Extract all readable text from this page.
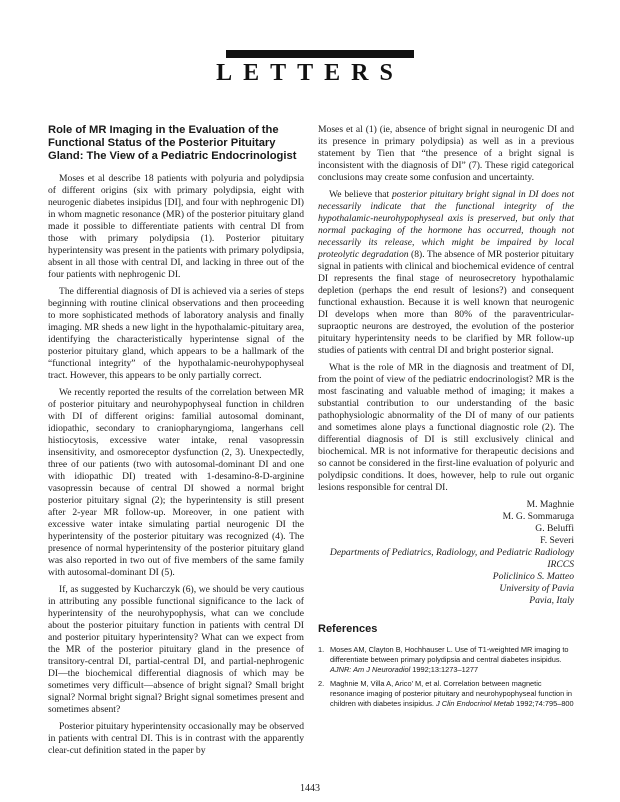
LETTERS
Role of MR Imaging in the Evaluation of the Functional Status of the Posterior Pituitary Gland: The View of a Pediatric Endocrinologist

Moses et al describe 18 patients with polyuria and polydipsia of different origins (six with primary polydipsia, eight with neurogenic diabetes insipidus [DI], and four with nephrogenic DI) in whom magnetic resonance (MR) of the posterior pituitary gland made it possible to differentiate patients with central DI from those with primary polydipsia (1). Posterior pituitary hyperintensity was present in the patients with primary polydipsia, absent in all those with central DI, and lacking in three out of the four patients with nephrogenic DI.

The differential diagnosis of DI is achieved via a series of steps beginning with routine clinical observations and then proceeding to more sophisticated methods of laboratory analysis and finally imaging. MR sheds a new light in the hypothalamic-pituitary area, identifying the characteristically hyperintense signal of the posterior pituitary gland, which appears to be a hallmark of the “functional integrity” of the hypothalamic-neurohypophyseal tract. However, this appears to be only partially correct.

We recently reported the results of the correlation between MR of posterior pituitary and neurohypophyseal function in children with DI of different origins: familial autosomal dominant, idiopathic, secondary to craniopharyngioma, langerhans cell histiocytosis, excessive water intake, renal vasopressin insensitivity, and osmoreceptor dysfunction (2, 3). Unexpectedly, three of our patients (two with autosomal-dominant DI and one with idiopathic DI) treated with 1-desamino-8-D-arginine vasopressin because of central DI showed a normal bright posterior pituitary signal (2); the hyperintensity is still present after 2-year MR follow-up. Moreover, in one patient with excessive water intake simulating partial neurogenic DI the hyperintensity of the posterior pituitary was recognized (4). The presence of normal hyperintensity of the posterior pituitary gland was also reported in two out of five members of the same family with autosomal-dominant DI (5).

If, as suggested by Kucharczyk (6), we should be very cautious in attributing any possible functional significance to the lack of hyperintensity of the neurohypophysis, what can we conclude about the posterior pituitary function in patients with central DI and posterior pituitary hyperintensity? What can we expect from the MR of the posterior pituitary gland in the presence of transitory-central DI, partial-central DI, and partial-nephrogenic DI—the biochemical differential diagnosis of which may be sometimes very difficult—absence of bright signal? Small bright signal? Normal bright signal? Bright signal sometimes present and sometimes absent?

Posterior pituitary hyperintensity occasionally may be observed in patients with central DI. This is in contrast with the apparently clear-cut definition stated in the paper by

Moses et al (1) (ie, absence of bright signal in neurogenic DI and its presence in primary polydipsia) as well as in a previous statement by Tien that “the presence of a bright signal is inconsistent with the diagnosis of DI” (7). These rigid categorical conclusions may create some confusion and uncertainty.

We believe that posterior pituitary bright signal in DI does not necessarily indicate that the functional integrity of the hypothalamic-neurohypophyseal axis is preserved, but only that normal packaging of the hormone has occurred, though not necessarily its release, which might be impaired by local proteolytic degradation (8). The absence of MR posterior pituitary signal in patients with clinical and biochemical evidence of central DI represents the final stage of neurosecretory hypothalamic depletion (perhaps the end result of lesions?) and consequent functional exhaustion. Because it is well known that neurogenic DI develops when more than 80% of the paraventricular-supraoptic neurons are destroyed, the evolution of the posterior pituitary hyperintensity needs to be clarified by MR follow-up studies of patients with central DI and bright posterior signal.

What is the role of MR in the diagnosis and treatment of DI, from the point of view of the pediatric endocrinologist? MR is the most fascinating and valuable method of imaging; it makes a substantial contribution to our understanding of the basic pathophysiologic abnormality of the DI of many of our patients and sometimes alone plays a functional diagnostic role (2). The differential diagnosis of DI is still exclusively clinical and biochemical. MR is not informative for therapeutic decisions and so cannot be considered in the first-line evaluation of polyuric and polydipsic conditions. It does, however, help to rule out organic lesions responsible for central DI.

M. Maghnie
M. G. Sommaruga
G. Beluffi
F. Severi
Departments of Pediatrics, Radiology, and Pediatric Radiology
IRCCS
Policlinico S. Matteo
University of Pavia
Pavia, Italy
References
1. Moses AM, Clayton B, Hochhauser L. Use of T1-weighted MR imaging to differentiate between primary polydipsia and central diabetes insipidus. AJNR: Am J Neuroradiol 1992;13:1273–1277
2. Maghnie M, Villa A, Arico’ M, et al. Correlation between magnetic resonance imaging of posterior pituitary and neurohypophyseal function in children with diabetes insipidus. J Clin Endocrinol Metab 1992;74:795–800
1443
